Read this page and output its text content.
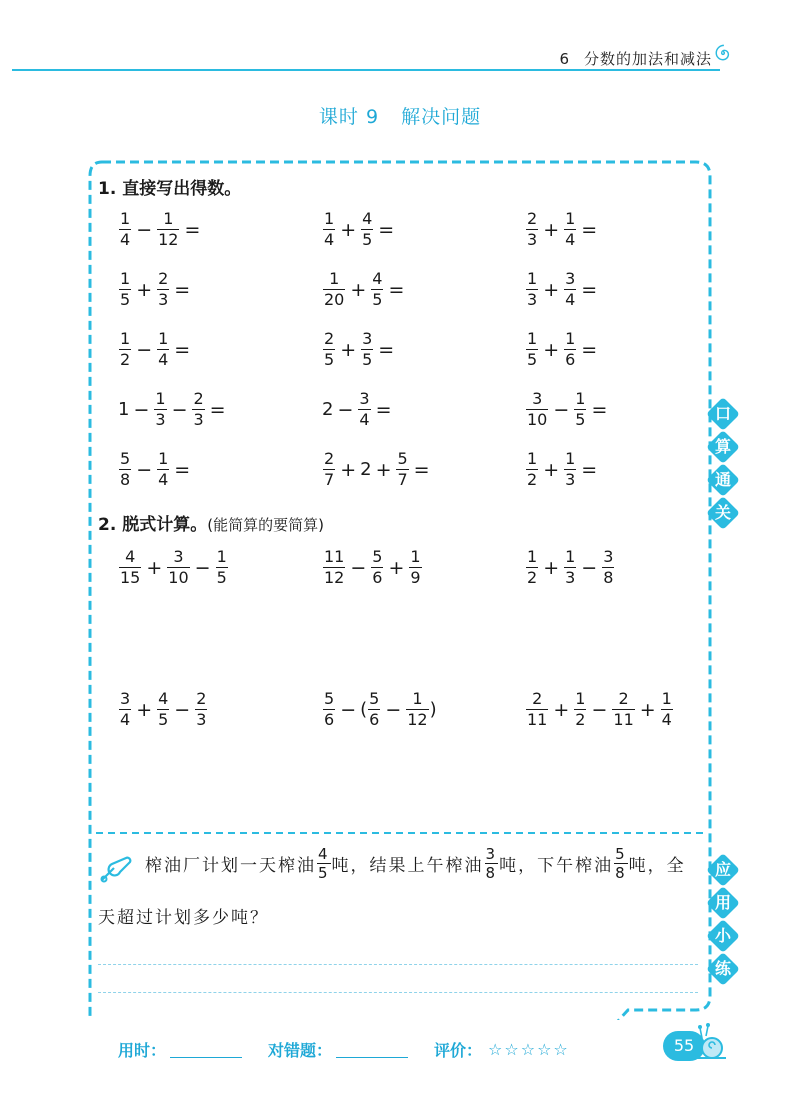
6 分数的加法和减法
课时 9 解决问题
口
算
通
关
应
用
小
练
1. 直接写出得数。
$\frac{1}{4} - \frac{1}{12}$ =	$\frac{1}{4} + \frac{4}{5}$ =	$\frac{2}{3} + \frac{1}{4}$ =
$\frac{1}{5} + \frac{2}{3}$ =	$\frac{1}{20} + \frac{4}{5}$ =	$\frac{1}{3} + \frac{3}{4}$ =
$\frac{1}{2} - \frac{1}{4}$ =	$\frac{2}{5} + \frac{3}{5}$ =	$\frac{1}{5} + \frac{1}{6}$ =
$1 - \frac{1}{3} - \frac{2}{3}$ =	$2 - \frac{3}{4}$ =	$\frac{3}{10} - \frac{1}{5}$ =
$\frac{5}{8} - \frac{1}{4}$ =	$\frac{2}{7} + 2 + \frac{5}{7}$ =	$\frac{1}{2} + \frac{1}{3}$ =
2. 脱式计算。(能简算的要简算)
$\frac{4}{15} + \frac{3}{10} - \frac{1}{5}$	$\frac{11}{12} - \frac{5}{6} + \frac{1}{9}$	$\frac{1}{2} + \frac{1}{3} - \frac{3}{8}$
$\frac{3}{4} + \frac{4}{5} - \frac{2}{3}$	$\frac{5}{6}$ − ( $\frac{5}{6} - \frac{1}{12}$ )	$\frac{2}{11} + \frac{1}{2} - \frac{2}{11} + \frac{1}{4}$
榨油厂计划一天榨油 $\frac{4}{5}$ 吨，结果上午榨油 $\frac{3}{8}$ 吨，下午榨油 $\frac{5}{8}$ 吨，全
天超过计划多少吨？
用时：	对错题：	评价： ☆☆☆☆☆	55
